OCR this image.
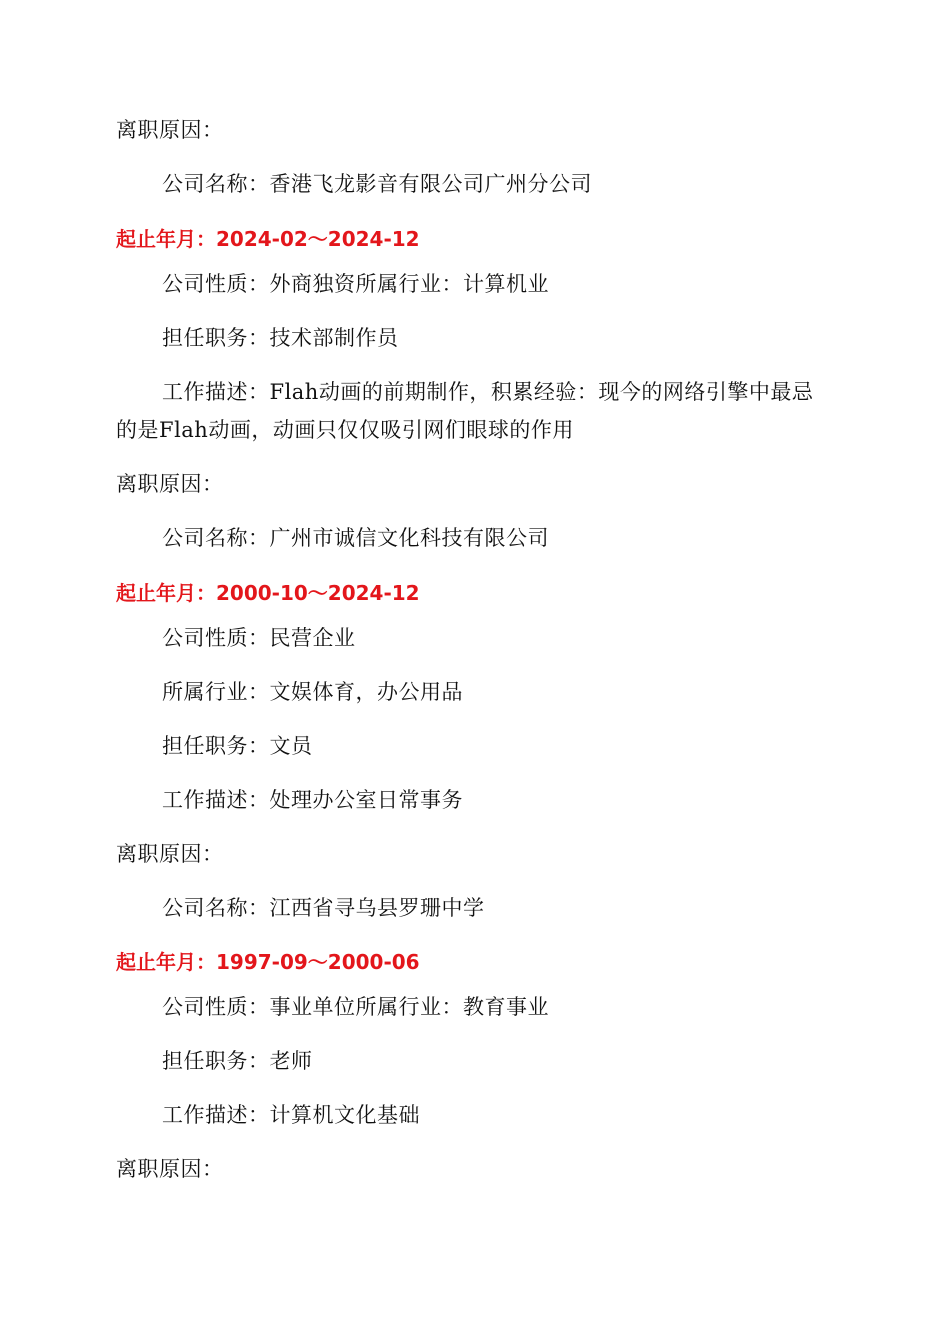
离职原因：
公司名称：香港飞龙影音有限公司广州分公司
起止年月：2024-02～2024-12
公司性质：外商独资所属行业：计算机业
担任职务：技术部制作员
工作描述：Flah动画的前期制作，积累经验：现今的网络引擎中最忌的是Flah动画，动画只仅仅吸引网们眼球的作用
离职原因：
公司名称：广州市诚信文化科技有限公司
起止年月：2000-10～2024-12
公司性质：民营企业
所属行业：文娱体育，办公用品
担任职务：文员
工作描述：处理办公室日常事务
离职原因：
公司名称：江西省寻乌县罗珊中学
起止年月：1997-09～2000-06
公司性质：事业单位所属行业：教育事业
担任职务：老师
工作描述：计算机文化基础
离职原因：
